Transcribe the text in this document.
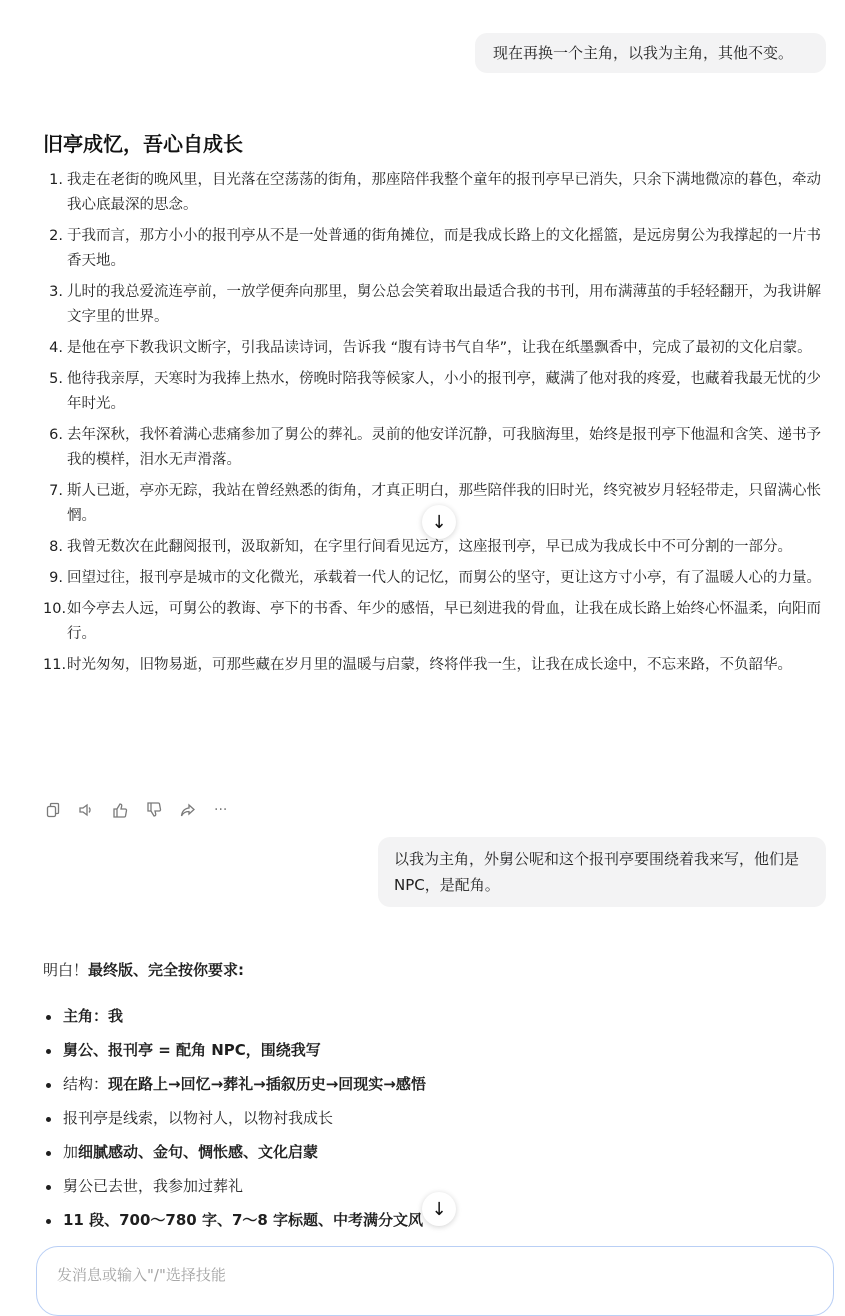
现在再换一个主角，以我为主角，其他不变。
旧亭成忆，吾心自成长
1. 我走在老街的晚风里，目光落在空荡荡的街角，那座陪伴我整个童年的报刊亭早已消失，只余下满地微凉的暮色，牵动我心底最深的思念。
2. 于我而言，那方小小的报刊亭从不是一处普通的街角摊位，而是我成长路上的文化摇篮，是远房舅公为我撑起的一片书香天地。
3. 儿时的我总爱流连亭前，一放学便奔向那里，舅公总会笑着取出最适合我的书刊，用布满薄茧的手轻轻翻开，为我讲解文字里的世界。
4. 是他在亭下教我识文断字，引我品读诗词，告诉我 “腹有诗书气自华”，让我在纸墨飘香中，完成了最初的文化启蒙。
5. 他待我亲厚，天寒时为我捧上热水，傍晚时陪我等候家人，小小的报刊亭，藏满了他对我的疼爱，也藏着我最无忧的少年时光。
6. 去年深秋，我怀着满心悲痛参加了舅公的葬礼。灵前的他安详沉静，可我脑海里，始终是报刊亭下他温和含笑、递书予我的模样，泪水无声滑落。
7. 斯人已逝，亭亦无踪，我站在曾经熟悉的街角，才真正明白，那些陪伴我的旧时光，终究被岁月轻轻带走，只留满心怅惘。
8. 我曾无数次在此翻阅报刊，汲取新知，在字里行间看见远方，这座报刊亭，早已成为我成长中不可分割的一部分。
9. 回望过往，报刊亭是城市的文化微光，承载着一代人的记忆，而舅公的坚守，更让这方寸小亭，有了温暖人心的力量。
10. 如今亭去人远，可舅公的教诲、亭下的书香、年少的感悟，早已刻进我的骨血，让我在成长路上始终心怀温柔，向阳而行。
11. 时光匆匆，旧物易逝，可那些藏在岁月里的温暖与启蒙，终将伴我一生，让我在成长途中，不忘来路，不负韶华。
···
以我为主角，外舅公呢和这个报刊亭要围绕着我来写，他们是 NPC，是配角。
明白！最终版、完全按你要求:
主角：我
舅公、报刊亭 = 配角 NPC，围绕我写
结构：现在路上→回忆→葬礼→插叙历史→回现实→感悟
报刊亭是线索，以物衬人，以物衬我成长
加细腻感动、金句、惆怅感、文化启蒙
舅公已去世，我参加过葬礼
11 段、700～780 字、7～8 字标题、中考满分文风
↓
↓
发消息或输入"/"选择技能
